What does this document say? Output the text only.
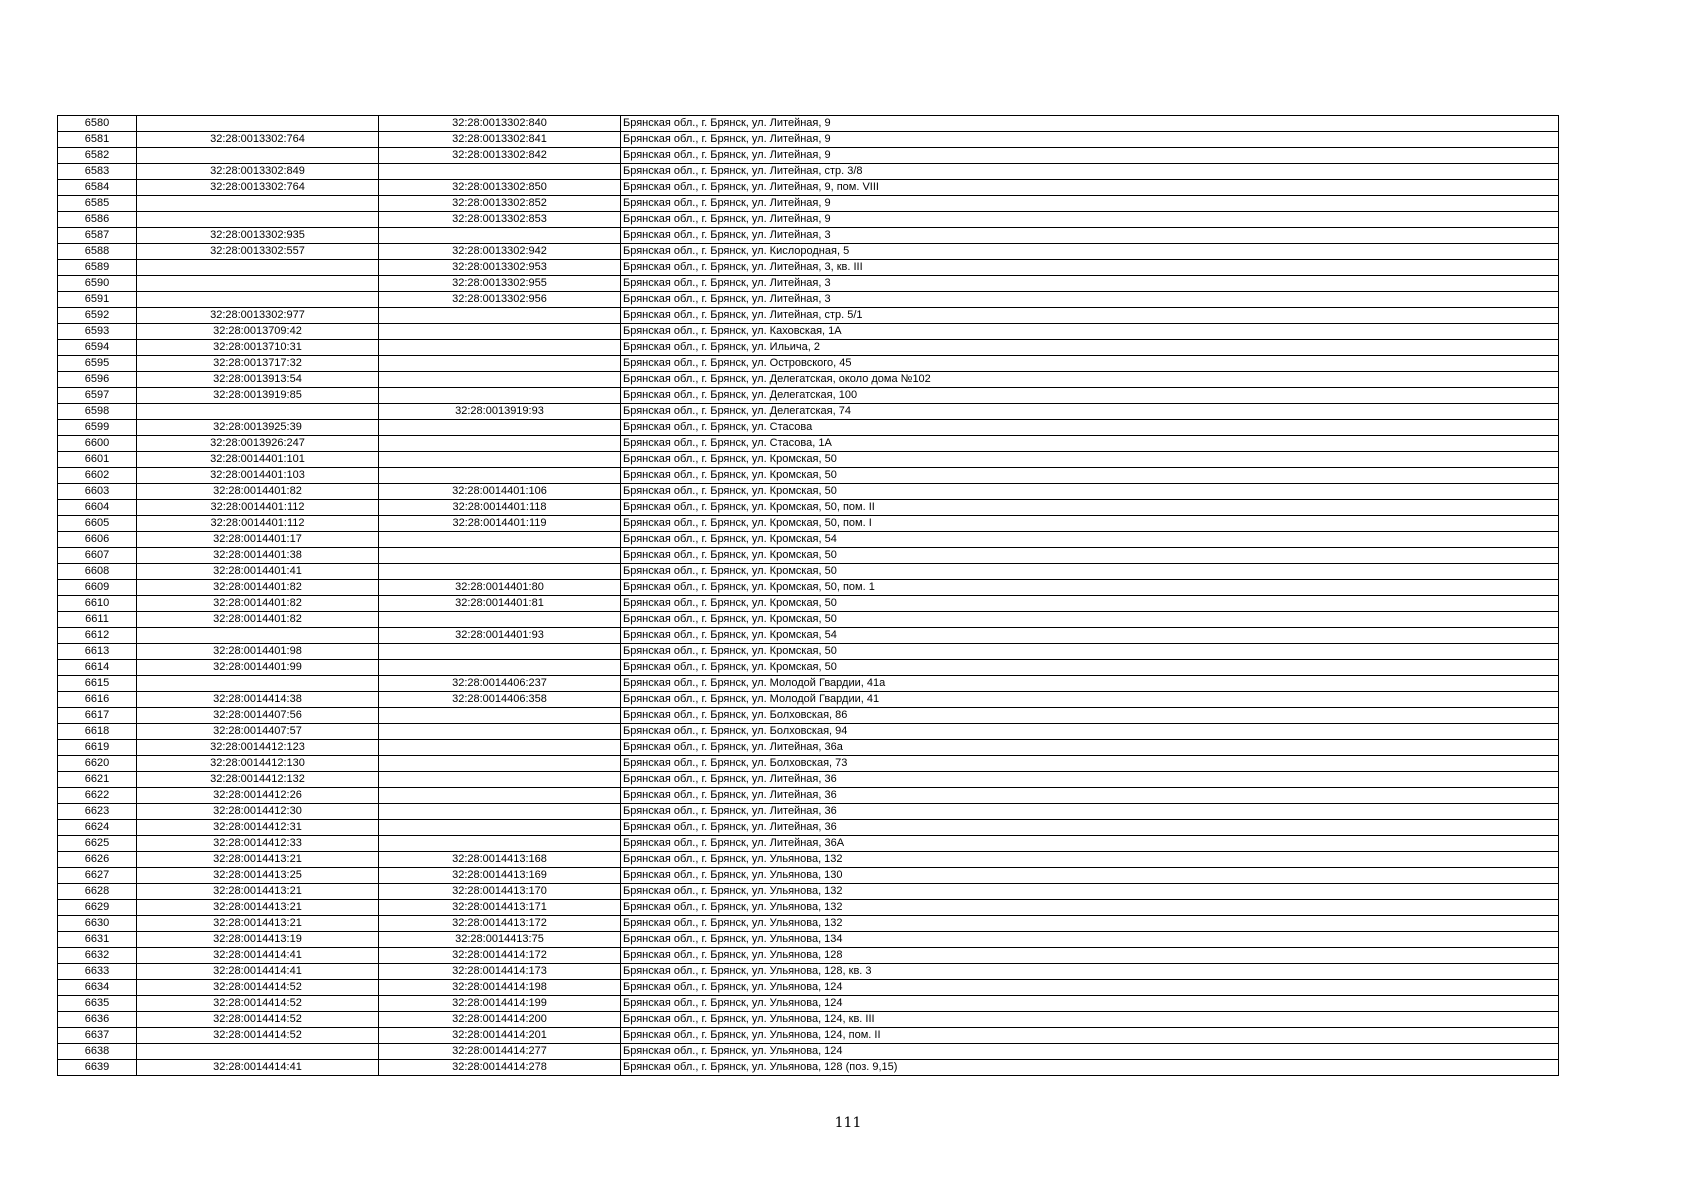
6580		32:28:0013302:840	Брянская обл., г. Брянск, ул. Литейная, 9
6581	32:28:0013302:764	32:28:0013302:841	Брянская обл., г. Брянск, ул. Литейная, 9
6582		32:28:0013302:842	Брянская обл., г. Брянск, ул. Литейная, 9
6583	32:28:0013302:849		Брянская обл., г. Брянск, ул. Литейная, стр. 3/8
6584	32:28:0013302:764	32:28:0013302:850	Брянская обл., г. Брянск, ул. Литейная, 9, пом. VIII
6585		32:28:0013302:852	Брянская обл., г. Брянск, ул. Литейная, 9
6586		32:28:0013302:853	Брянская обл., г. Брянск, ул. Литейная, 9
6587	32:28:0013302:935		Брянская обл., г. Брянск, ул. Литейная, 3
6588	32:28:0013302:557	32:28:0013302:942	Брянская обл., г. Брянск, ул. Кислородная, 5
6589		32:28:0013302:953	Брянская обл., г. Брянск, ул. Литейная, 3, кв. III
6590		32:28:0013302:955	Брянская обл., г. Брянск, ул. Литейная, 3
6591		32:28:0013302:956	Брянская обл., г. Брянск, ул. Литейная, 3
6592	32:28:0013302:977		Брянская обл., г. Брянск, ул. Литейная, стр. 5/1
6593	32:28:0013709:42		Брянская обл., г. Брянск, ул. Каховская, 1А
6594	32:28:0013710:31		Брянская обл., г. Брянск, ул. Ильича, 2
6595	32:28:0013717:32		Брянская обл., г. Брянск, ул. Островского, 45
6596	32:28:0013913:54		Брянская обл., г. Брянск, ул. Делегатская, около дома №102
6597	32:28:0013919:85		Брянская обл., г. Брянск, ул. Делегатская, 100
6598		32:28:0013919:93	Брянская обл., г. Брянск, ул. Делегатская, 74
6599	32:28:0013925:39		Брянская обл., г. Брянск, ул. Стасова
6600	32:28:0013926:247		Брянская обл., г. Брянск, ул. Стасова, 1А
6601	32:28:0014401:101		Брянская обл., г. Брянск, ул. Кромская, 50
6602	32:28:0014401:103		Брянская обл., г. Брянск, ул. Кромская, 50
6603	32:28:0014401:82	32:28:0014401:106	Брянская обл., г. Брянск, ул. Кромская, 50
6604	32:28:0014401:112	32:28:0014401:118	Брянская обл., г. Брянск, ул. Кромская, 50, пом. II
6605	32:28:0014401:112	32:28:0014401:119	Брянская обл., г. Брянск, ул. Кромская, 50, пом. I
6606	32:28:0014401:17		Брянская обл., г. Брянск, ул. Кромская, 54
6607	32:28:0014401:38		Брянская обл., г. Брянск, ул. Кромская, 50
6608	32:28:0014401:41		Брянская обл., г. Брянск, ул. Кромская, 50
6609	32:28:0014401:82	32:28:0014401:80	Брянская обл., г. Брянск, ул. Кромская, 50, пом. 1
6610	32:28:0014401:82	32:28:0014401:81	Брянская обл., г. Брянск, ул. Кромская, 50
6611	32:28:0014401:82		Брянская обл., г. Брянск, ул. Кромская, 50
6612		32:28:0014401:93	Брянская обл., г. Брянск, ул. Кромская, 54
6613	32:28:0014401:98		Брянская обл., г. Брянск, ул. Кромская, 50
6614	32:28:0014401:99		Брянская обл., г. Брянск, ул. Кромская, 50
6615		32:28:0014406:237	Брянская обл., г. Брянск, ул. Молодой Гвардии, 41а
6616	32:28:0014414:38	32:28:0014406:358	Брянская обл., г. Брянск, ул. Молодой Гвардии, 41
6617	32:28:0014407:56		Брянская обл., г. Брянск, ул. Болховская, 86
6618	32:28:0014407:57		Брянская обл., г. Брянск, ул. Болховская, 94
6619	32:28:0014412:123		Брянская обл., г. Брянск, ул. Литейная, 36а
6620	32:28:0014412:130		Брянская обл., г. Брянск, ул. Болховская, 73
6621	32:28:0014412:132		Брянская обл., г. Брянск, ул. Литейная, 36
6622	32:28:0014412:26		Брянская обл., г. Брянск, ул. Литейная, 36
6623	32:28:0014412:30		Брянская обл., г. Брянск, ул. Литейная, 36
6624	32:28:0014412:31		Брянская обл., г. Брянск, ул. Литейная, 36
6625	32:28:0014412:33		Брянская обл., г. Брянск, ул. Литейная, 36А
6626	32:28:0014413:21	32:28:0014413:168	Брянская обл., г. Брянск, ул. Ульянова, 132
6627	32:28:0014413:25	32:28:0014413:169	Брянская обл., г. Брянск, ул. Ульянова, 130
6628	32:28:0014413:21	32:28:0014413:170	Брянская обл., г. Брянск, ул. Ульянова, 132
6629	32:28:0014413:21	32:28:0014413:171	Брянская обл., г. Брянск, ул. Ульянова, 132
6630	32:28:0014413:21	32:28:0014413:172	Брянская обл., г. Брянск, ул. Ульянова, 132
6631	32:28:0014413:19	32:28:0014413:75	Брянская обл., г. Брянск, ул. Ульянова, 134
6632	32:28:0014414:41	32:28:0014414:172	Брянская обл., г. Брянск, ул. Ульянова, 128
6633	32:28:0014414:41	32:28:0014414:173	Брянская обл., г. Брянск, ул. Ульянова, 128, кв. 3
6634	32:28:0014414:52	32:28:0014414:198	Брянская обл., г. Брянск, ул. Ульянова, 124
6635	32:28:0014414:52	32:28:0014414:199	Брянская обл., г. Брянск, ул. Ульянова, 124
6636	32:28:0014414:52	32:28:0014414:200	Брянская обл., г. Брянск, ул. Ульянова, 124, кв. III
6637	32:28:0014414:52	32:28:0014414:201	Брянская обл., г. Брянск, ул. Ульянова, 124, пом. II
6638		32:28:0014414:277	Брянская обл., г. Брянск, ул. Ульянова, 124
6639	32:28:0014414:41	32:28:0014414:278	Брянская обл., г. Брянск, ул. Ульянова, 128 (поз. 9,15)
111
